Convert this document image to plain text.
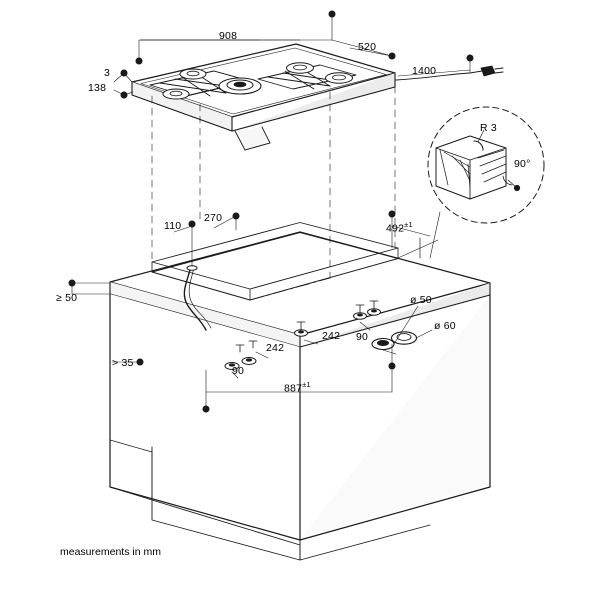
908
520
1400
3
138
R 3
90°
110
270
$492^{\pm 1}$
≥ 50
> 35
242
242
90
90
ø 50
ø 60
$887^{\pm 1}$
measurements in mm
